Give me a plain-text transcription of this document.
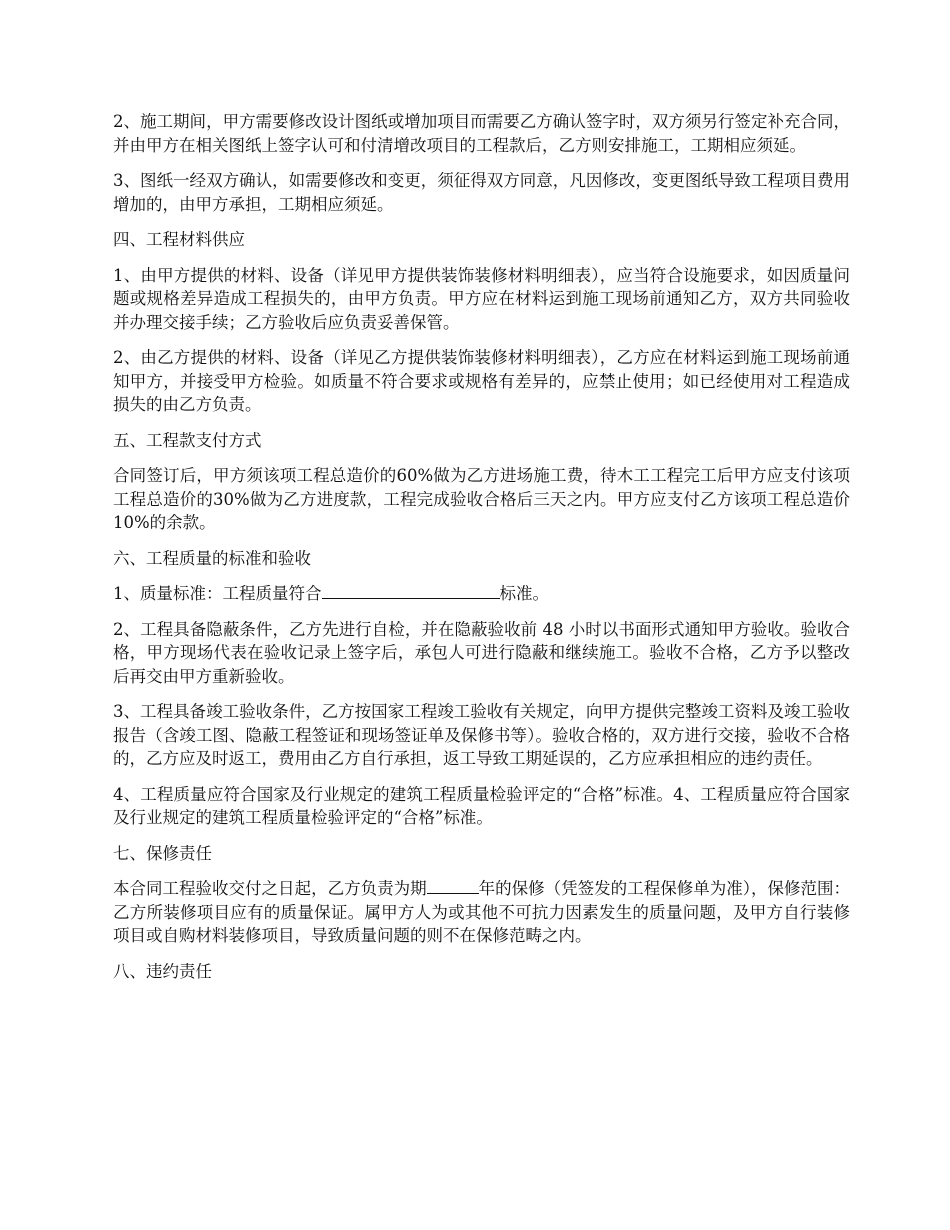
2、施工期间，甲方需要修改设计图纸或增加项目而需要乙方确认签字时，双方须另行签定补充合同，并由甲方在相关图纸上签字认可和付清增改项目的工程款后，乙方则安排施工，工期相应须延。

3、图纸一经双方确认，如需要修改和变更，须征得双方同意，凡因修改，变更图纸导致工程项目费用增加的，由甲方承担，工期相应须延。

四、工程材料供应

1、由甲方提供的材料、设备（详见甲方提供装饰装修材料明细表），应当符合设施要求，如因质量问题或规格差异造成工程损失的，由甲方负责。甲方应在材料运到施工现场前通知乙方，双方共同验收并办理交接手续；乙方验收后应负责妥善保管。

2、由乙方提供的材料、设备（详见乙方提供装饰装修材料明细表），乙方应在材料运到施工现场前通知甲方，并接受甲方检验。如质量不符合要求或规格有差异的，应禁止使用；如已经使用对工程造成损失的由乙方负责。

五、工程款支付方式

合同签订后，甲方须该项工程总造价的60%做为乙方进场施工费，待木工工程完工后甲方应支付该项工程总造价的30%做为乙方进度款，工程完成验收合格后三天之内。甲方应支付乙方该项工程总造价 10%的余款。

六、工程质量的标准和验收

1、质量标准：工程质量符合	标准。

2、工程具备隐蔽条件，乙方先进行自检，并在隐蔽验收前 48 小时以书面形式通知甲方验收。验收合格，甲方现场代表在验收记录上签字后，承包人可进行隐蔽和继续施工。验收不合格，乙方予以整改后再交由甲方重新验收。

3、工程具备竣工验收条件，乙方按国家工程竣工验收有关规定，向甲方提供完整竣工资料及竣工验收报告（含竣工图、隐蔽工程签证和现场签证单及保修书等）。验收合格的，双方进行交接，验收不合格的，乙方应及时返工，费用由乙方自行承担，返工导致工期延误的，乙方应承担相应的违约责任。

4、工程质量应符合国家及行业规定的建筑工程质量检验评定的“合格”标准。4、工程质量应符合国家及行业规定的建筑工程质量检验评定的“合格”标准。

七、保修责任

本合同工程验收交付之日起，乙方负责为期	年的保修（凭签发的工程保修单为准），保修范围：乙方所装修项目应有的质量保证。属甲方人为或其他不可抗力因素发生的质量问题，及甲方自行装修项目或自购材料装修项目，导致质量问题的则不在保修范畴之内。

八、违约责任
